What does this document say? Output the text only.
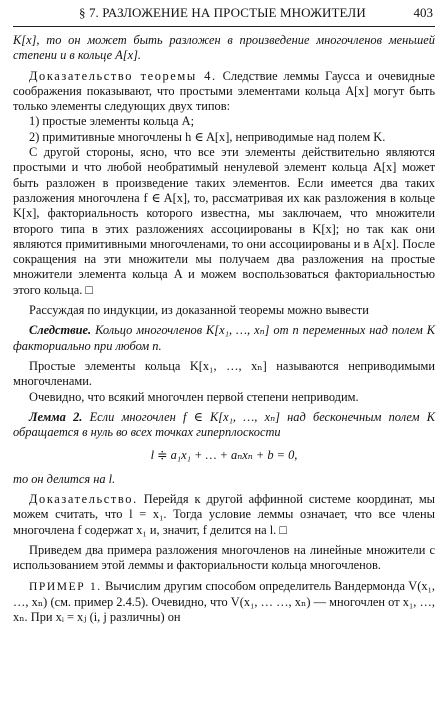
§ 7. РАЗЛОЖЕНИЕ НА ПРОСТЫЕ МНОЖИТЕЛИ	403

K[x], то он может быть разложен в произведение многочленов меньшей степени и в кольце A[x].

Доказательство теоремы 4. Следствие леммы Гаусса и очевидные соображения показывают, что простыми элементами кольца A[x] могут быть только элементы следующих двух типов:

1) простые элементы кольца A;

2) примитивные многочлены h ∈ A[x], неприводимые над полем K.

С другой стороны, ясно, что все эти элементы действительно являются простыми и что любой необратимый ненулевой элемент кольца A[x] может быть разложен в произведение таких элементов. Если имеется два таких разложения многочлена f ∈ A[x], то, рассматривая их как разложения в кольце K[x], факториальность которого известна, мы заключаем, что множители второго типа в этих разложениях ассоциированы в K[x]; но так как они являются примитивными многочленами, то они ассоциированы и в A[x]. После сокращения на эти множители мы получаем два разложения на простые множители элемента кольца A и можем воспользоваться факториальностью этого кольца. □

Рассуждая по индукции, из доказанной теоремы можно вывести

Следствие. Кольцо многочленов K[x₁, …, xₙ] от n переменных над полем K факториально при любом n.

Простые элементы кольца K[x₁, …, xₙ] называются неприводимыми многочленами.

Очевидно, что всякий многочлен первой степени неприводим.

Лемма 2. Если многочлен f ∈ K[x₁, …, xₙ] над бесконечным полем K обращается в нуль во всех точках гиперплоскости

l ≑ a₁x₁ + … + aₙxₙ + b = 0,

то он делится на l.

Доказательство. Перейдя к другой аффинной системе координат, мы можем считать, что l = x₁. Тогда условие леммы означает, что все члены многочлена f содержат x₁ и, значит, f делится на l. □

Приведем два примера разложения многочленов на линейные множители с использованием этой леммы и факториальности кольца многочленов.

ПРИМЕР 1. Вычислим другим способом определитель Вандермонда V(x₁, …, xₙ) (см. пример 2.4.5). Очевидно, что V(x₁, … …, xₙ) — многочлен от x₁, …, xₙ. При xᵢ = xⱼ (i, j различны) он
